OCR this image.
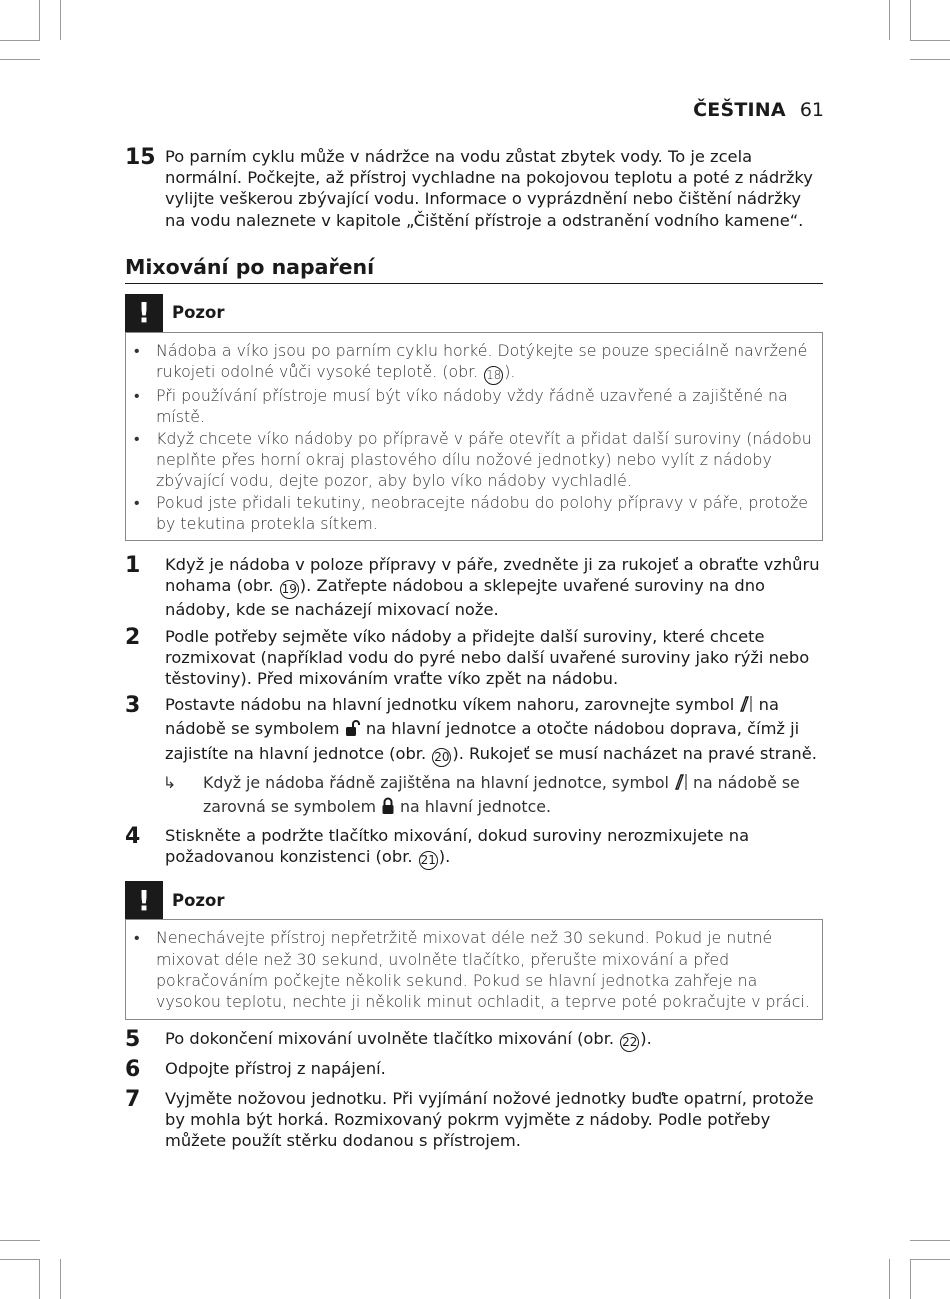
ČEŠTINA 61
15 Po parním cyklu může v nádržce na vodu zůstat zbytek vody. To je zcela normální. Počkejte, až přístroj vychladne na pokojovou teplotu a poté z nádržky vylijte veškerou zbývající vodu. Informace o vyprázdnění nebo čištění nádržky na vodu naleznete v kapitole „Čištění přístroje a odstranění vodního kamene“.
Mixování po napaření
!	Pozor
•	Nádoba a víko jsou po parním cyklu horké. Dotýkejte se pouze speciálně navržené rukojeti odolné vůči vysoké teplotě. (obr. 18 ).
•	Při používání přístroje musí být víko nádoby vždy řádně uzavřené a zajištěné na místě.
•	Když chcete víko nádoby po přípravě v páře otevřít a přidat další suroviny (nádobu neplňte přes horní okraj plastového dílu nožové jednotky) nebo vylít z nádoby zbývající vodu, dejte pozor, aby bylo víko nádoby vychladlé.
•	Pokud jste přidali tekutiny, neobracejte nádobu do polohy přípravy v páře, protože by tekutina protekla sítkem.
1	Když je nádoba v poloze přípravy v páře, zvedněte ji za rukojeť a obraťte vzhůru nohama (obr. 19 ). Zatřepte nádobou a sklepejte uvařené suroviny na dno nádoby, kde se nacházejí mixovací nože.
2	Podle potřeby sejměte víko nádoby a přidejte další suroviny, které chcete rozmixovat (například vodu do pyré nebo další uvařené suroviny jako rýži nebo těstoviny). Před mixováním vraťte víko zpět na nádobu.
3	Postavte nádobu na hlavní jednotku víkem nahoru, zarovnejte symbol  na nádobě se symbolem  na hlavní jednotce a otočte nádobou doprava, čímž ji zajistíte na hlavní jednotce (obr. 20 ). Rukojeť se musí nacházet na pravé straně.
↳	Když je nádoba řádně zajištěna na hlavní jednotce, symbol  na nádobě se zarovná se symbolem  na hlavní jednotce.
4	Stiskněte a podržte tlačítko mixování, dokud suroviny nerozmixujete na požadovanou konzistenci (obr. 21 ).
!	Pozor
•	Nenechávejte přístroj nepřetržitě mixovat déle než 30 sekund. Pokud je nutné mixovat déle než 30 sekund, uvolněte tlačítko, přerušte mixování a před pokračováním počkejte několik sekund. Pokud se hlavní jednotka zahřeje na vysokou teplotu, nechte ji několik minut ochladit, a teprve poté pokračujte v práci.
5	Po dokončení mixování uvolněte tlačítko mixování (obr. 22 ).
6	Odpojte přístroj z napájení.
7	Vyjměte nožovou jednotku. Při vyjímání nožové jednotky buďte opatrní, protože by mohla být horká. Rozmixovaný pokrm vyjměte z nádoby. Podle potřeby můžete použít stěrku dodanou s přístrojem.
